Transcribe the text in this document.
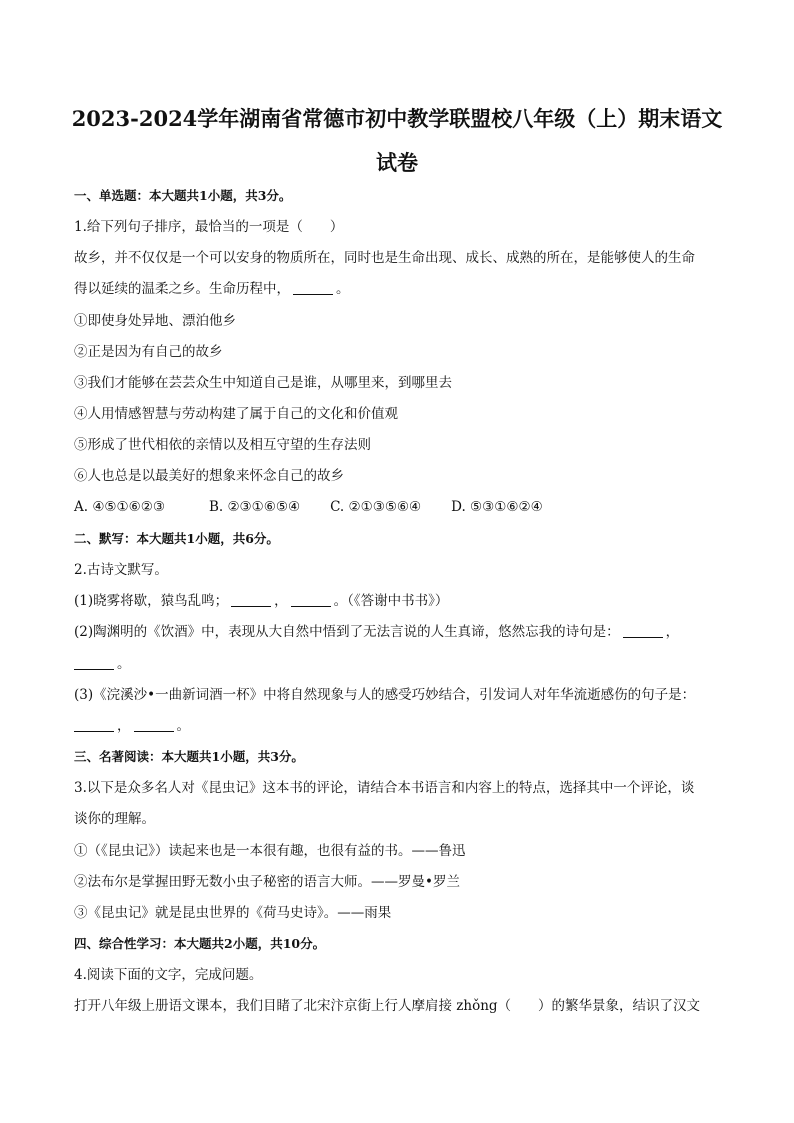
2023-2024学年湖南省常德市初中教学联盟校八年级（上）期末语文
试卷
一、单选题：本大题共1小题，共3分。
1.给下列句子排序，最恰当的一项是（　　）
故乡，并不仅仅是一个可以安身的物质所在，同时也是生命出现、成长、成熟的所在，是能够使人的生命
得以延续的温柔之乡。生命历程中，	。
①即使身处异地、漂泊他乡
②正是因为有自己的故乡
③我们才能够在芸芸众生中知道自己是谁，从哪里来，到哪里去
④人用情感智慧与劳动构建了属于自己的文化和价值观
⑤形成了世代相依的亲情以及相互守望的生存法则
⑥人也总是以最美好的想象来怀念自己的故乡
A. ④⑤①⑥②③	B. ②③①⑥⑤④ C. ②①③⑤⑥④ D. ⑤③①⑥②④
二、默写：本大题共1小题，共6分。
2.古诗文默写。
(1)晓雾将歇，猿鸟乱鸣；	，	。（《答谢中书书》）
(2)陶渊明的《饮酒》中，表现从大自然中悟到了无法言说的人生真谛，悠然忘我的诗句是：	，
。
(3)《浣溪沙•一曲新词酒一杯》中将自然现象与人的感受巧妙结合，引发词人对年华流逝感伤的句子是：
，	。
三、名著阅读：本大题共1小题，共3分。
3.以下是众多名人对《昆虫记》这本书的评论，请结合本书语言和内容上的特点，选择其中一个评论，谈
谈你的理解。
①（《昆虫记》）读起来也是一本很有趣，也很有益的书。——鲁迅
②法布尔是掌握田野无数小虫子秘密的语言大师。——罗曼•罗兰
③《昆虫记》就是昆虫世界的《荷马史诗》。——雨果
四、综合性学习：本大题共2小题，共10分。
4.阅读下面的文字，完成问题。
打开八年级上册语文课本，我们目睹了北宋汴京街上行人摩肩接 zhǒng（　　）的繁华景象，结识了汉文
